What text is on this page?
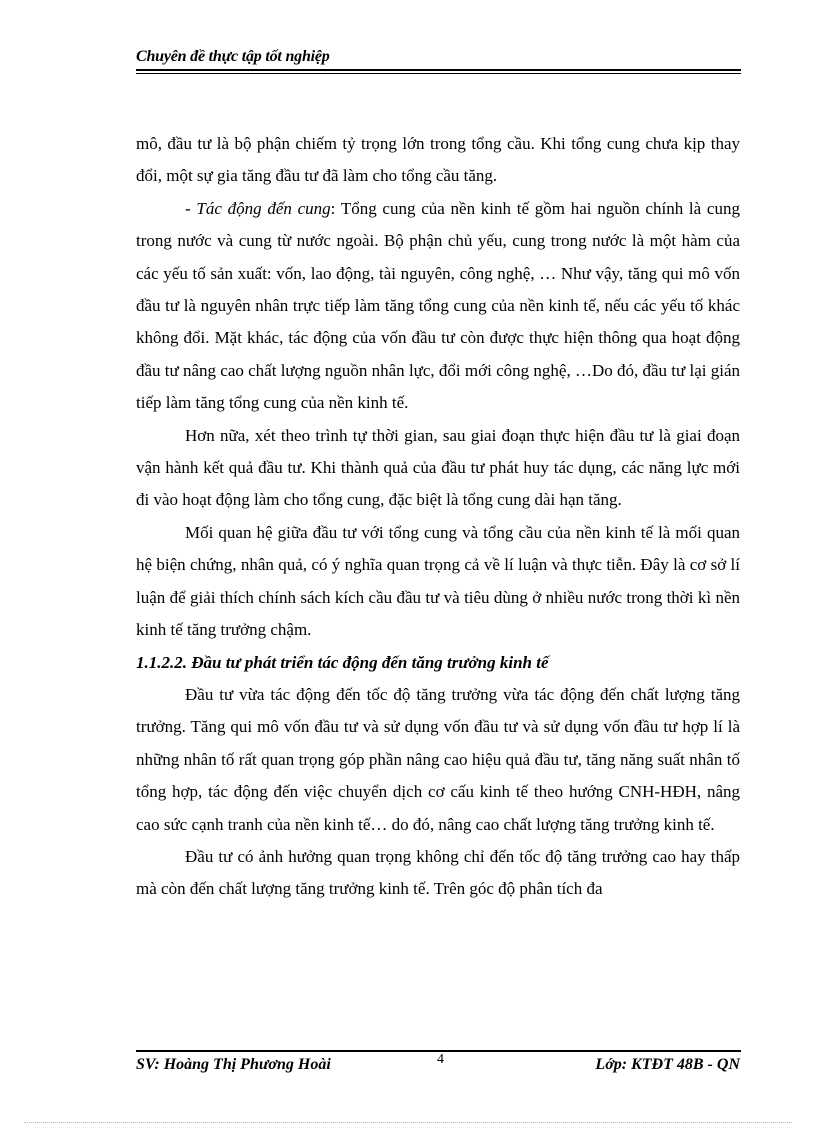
Chuyên đề thực tập tốt nghiệp

mô, đầu tư là bộ phận chiếm tỷ trọng lớn trong tổng cầu. Khi tổng cung chưa kịp thay đổi, một sự gia tăng đầu tư đã làm cho tổng cầu tăng.

- Tác động đến cung: Tổng cung của nền kinh tế gồm hai nguồn chính là cung trong nước và cung từ nước ngoài. Bộ phận chủ yếu, cung trong nước là một hàm của các yếu tố sản xuất: vốn, lao động, tài nguyên, công nghệ, … Như vậy, tăng qui mô vốn đầu tư là nguyên nhân trực tiếp làm tăng tổng cung của nền kinh tế, nếu các yếu tố khác không đổi. Mặt khác, tác động của vốn đầu tư còn được thực hiện thông qua hoạt động đầu tư nâng cao chất lượng nguồn nhân lực, đổi mới công nghệ, …Do đó, đầu tư lại gián tiếp làm tăng tổng cung của nền kinh tế.

Hơn nữa, xét theo trình tự thời gian, sau giai đoạn thực hiện đầu tư là giai đoạn vận hành kết quả đầu tư. Khi thành quả của đầu tư phát huy tác dụng, các năng lực mới đi vào hoạt động làm cho tổng cung, đặc biệt là tổng cung dài hạn tăng.

Mối quan hệ giữa đầu tư với tổng cung và tổng cầu của nền kinh tế là mối quan hệ biện chứng, nhân quả, có ý nghĩa quan trọng cả về lí luận và thực tiễn. Đây là cơ sở lí luận để giải thích chính sách kích cầu đầu tư và tiêu dùng ở nhiều nước trong thời kì nền kinh tế tăng trưởng chậm.

1.1.2.2. Đầu tư phát triển tác động đến tăng trưởng kinh tế

Đầu tư vừa tác động đến tốc độ tăng trưởng vừa tác động đến chất lượng tăng trưởng. Tăng qui mô vốn đầu tư và sử dụng vốn đầu tư và sử dụng vốn đầu tư hợp lí là những nhân tố rất quan trọng góp phần nâng cao hiệu quả đầu tư, tăng năng suất nhân tố tổng hợp, tác động đến việc chuyển dịch cơ cấu kinh tế theo hướng CNH-HĐH, nâng cao sức cạnh tranh của nền kinh tế… do đó, nâng cao chất lượng tăng trưởng kinh tế.

Đầu tư có ảnh hưởng quan trọng không chỉ đến tốc độ tăng trưởng cao hay thấp mà còn đến chất lượng tăng trưởng kinh tế. Trên góc độ phân tích đa

SV: Hoàng Thị Phương Hoài	4	Lớp: KTĐT 48B - QN
